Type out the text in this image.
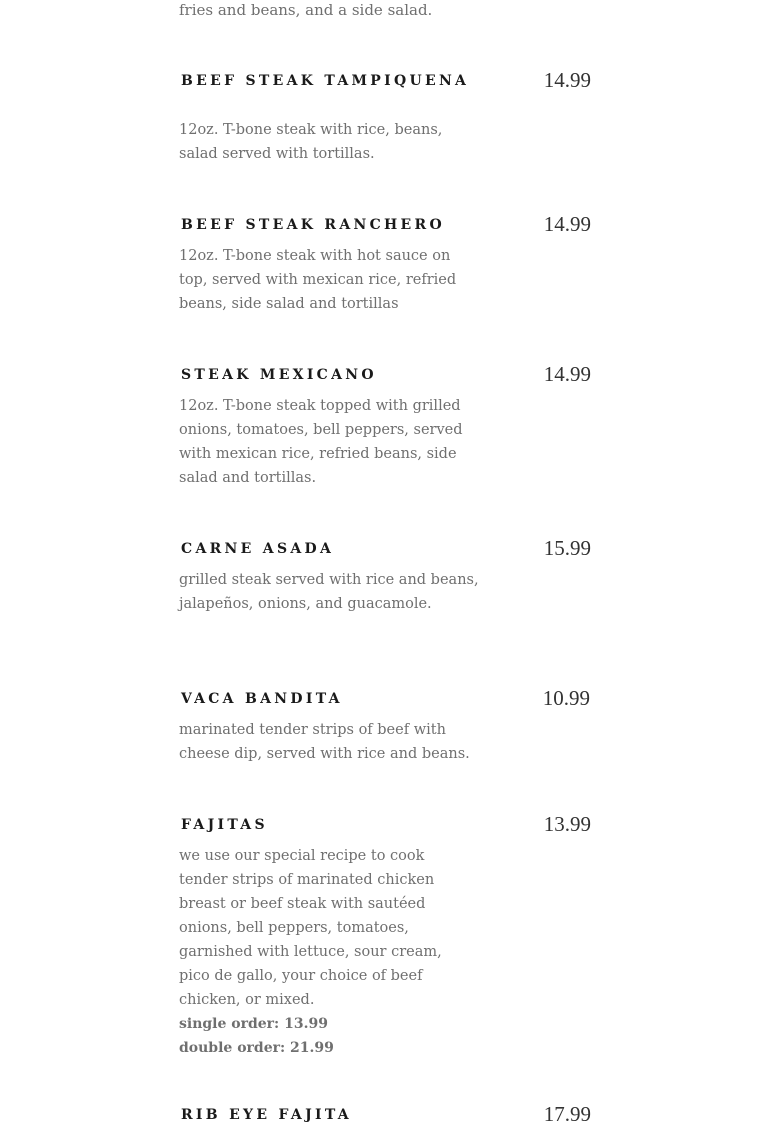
fries and beans, and a side salad.
BEEF STEAK TAMPIQUENA	14.99
12oz. T-bone steak with rice, beans, salad served with tortillas.
BEEF STEAK RANCHERO	14.99
12oz. T-bone steak with hot sauce on top, served with mexican rice, refried beans, side salad and tortillas
STEAK MEXICANO	14.99
12oz. T-bone steak topped with grilled onions, tomatoes, bell peppers, served with mexican rice, refried beans, side salad and tortillas.
CARNE ASADA	15.99
grilled steak served with rice and beans, jalapeños, onions, and guacamole.
VACA BANDITA	10.99
marinated tender strips of beef with cheese dip, served with rice and beans.
FAJITAS	13.99
we use our special recipe to cook tender strips of marinated chicken breast or beef steak with sautéed onions, bell peppers, tomatoes, garnished with lettuce, sour cream, pico de gallo, your choice of beef chicken, or mixed.
single order: 13.99
double order: 21.99
RIB EYE FAJITA	17.99
